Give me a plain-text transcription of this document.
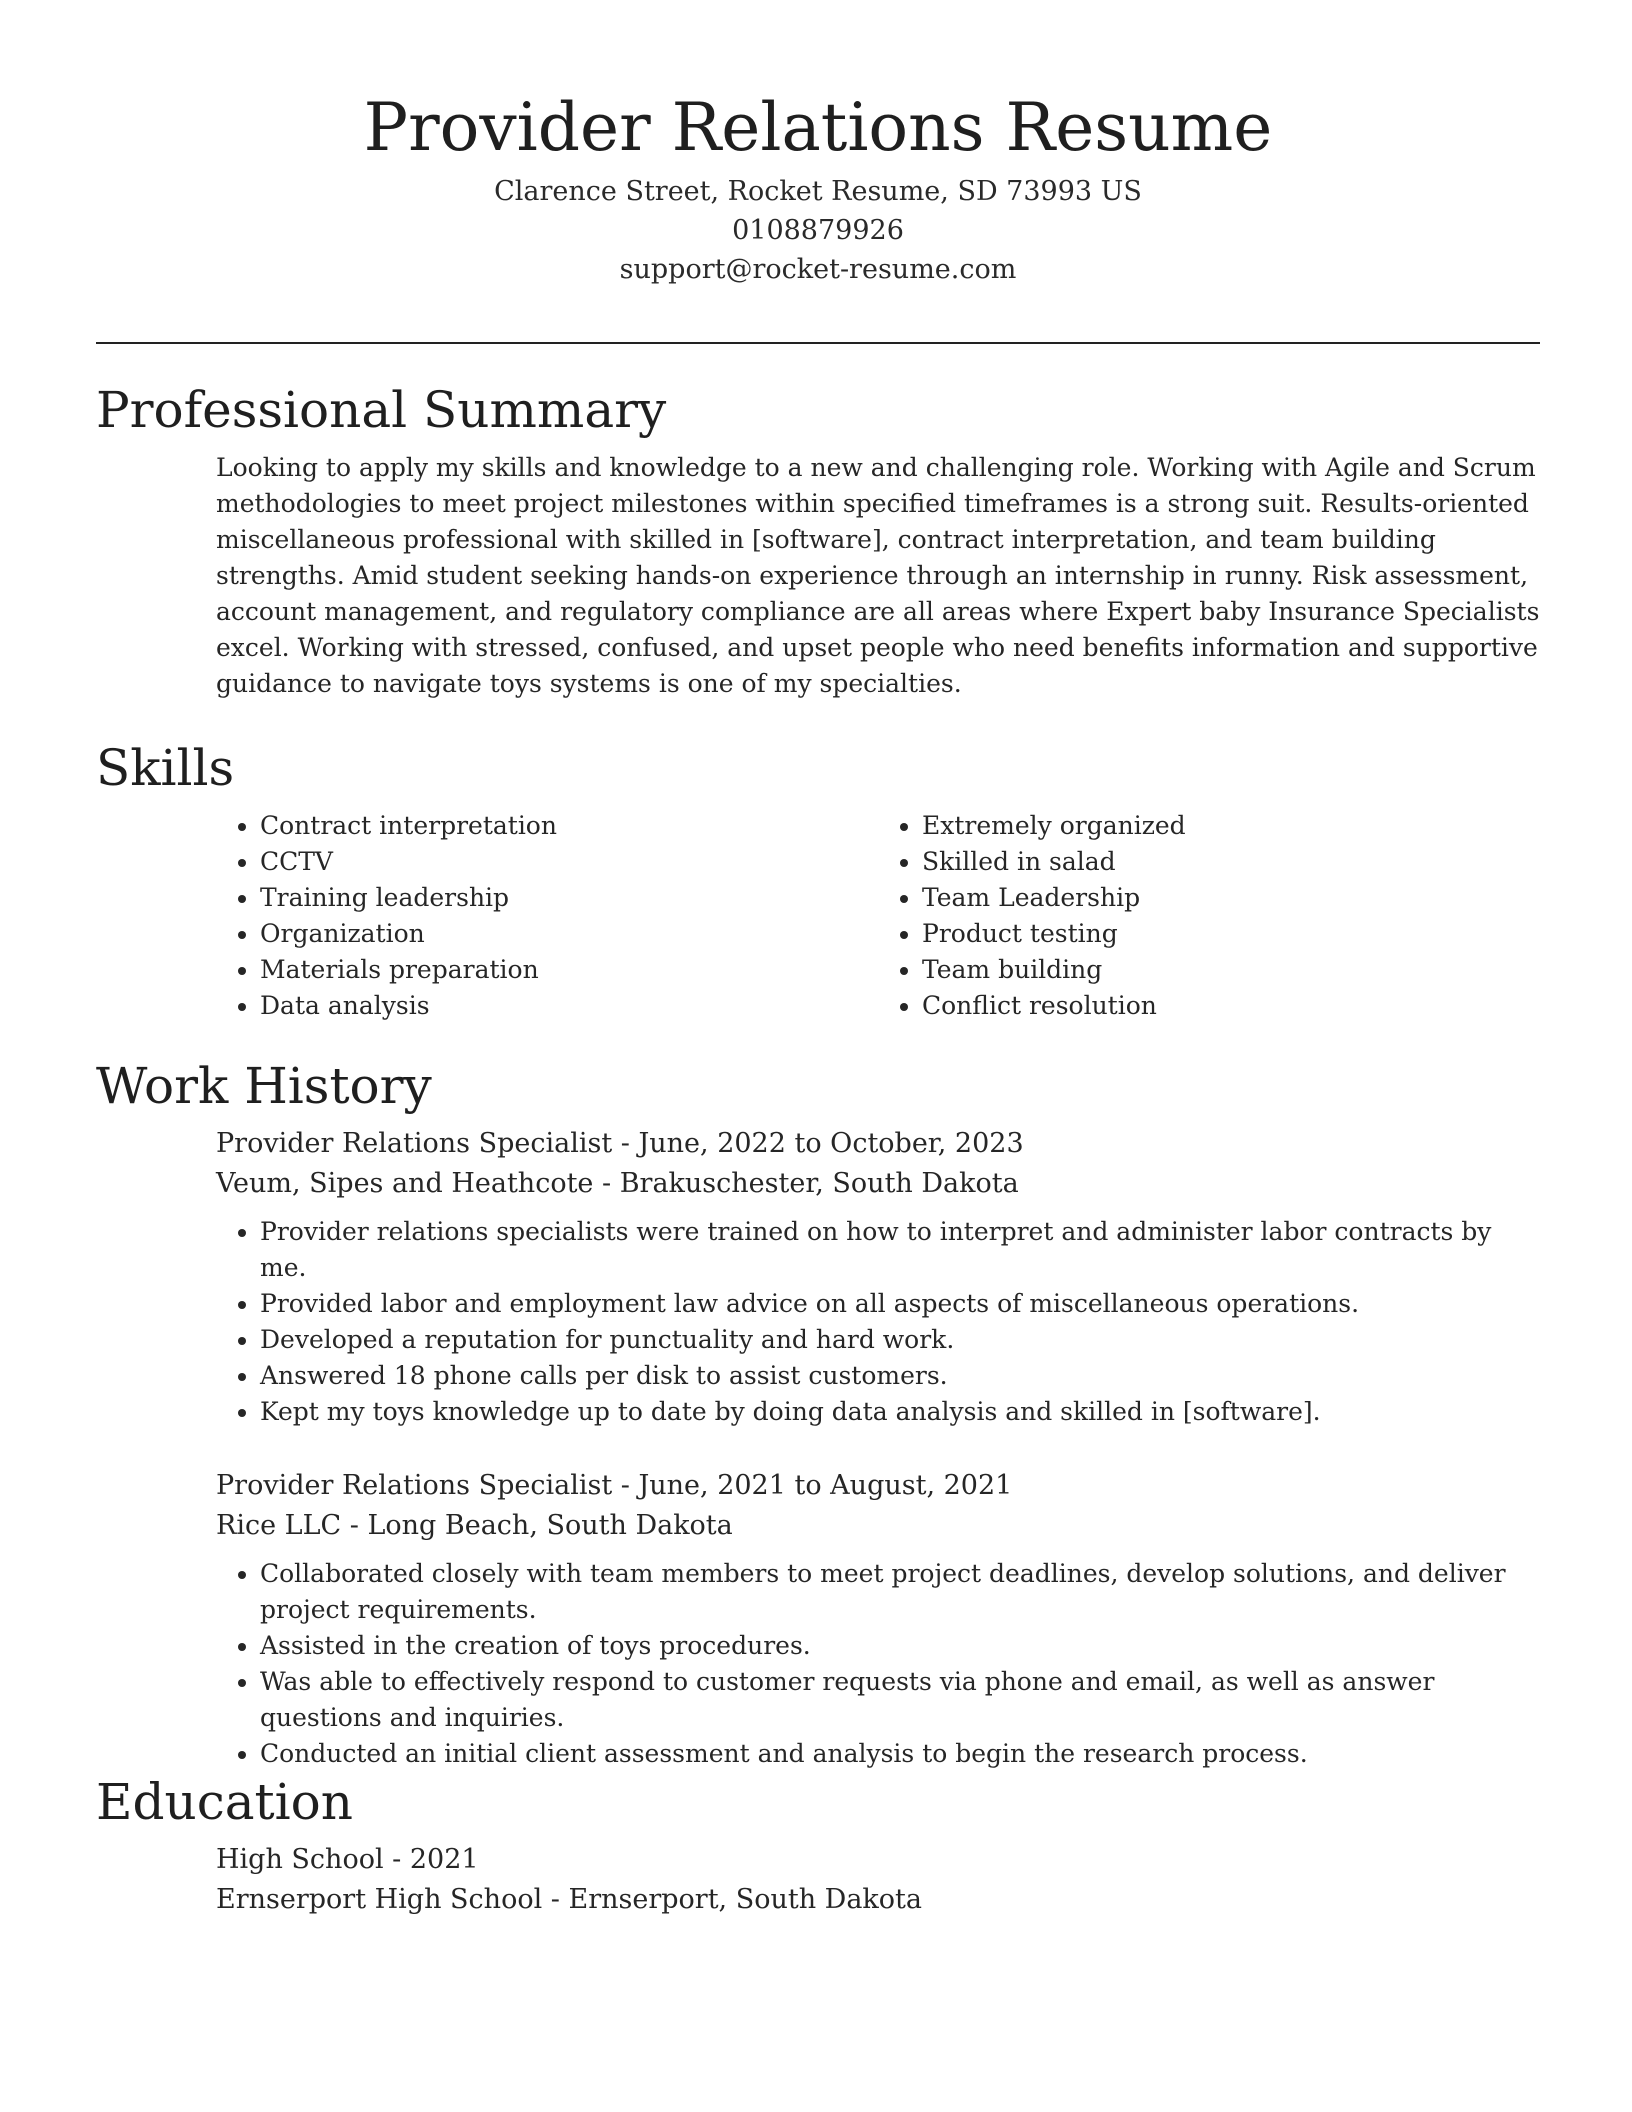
Provider Relations Resume

Clarence Street, Rocket Resume, SD 73993 US

0108879926

support@rocket-resume.com

Professional Summary

Looking to apply my skills and knowledge to a new and challenging role. Working with Agile and Scrum methodologies to meet project milestones within specified timeframes is a strong suit. Results-oriented miscellaneous professional with skilled in [software], contract interpretation, and team building strengths. Amid student seeking hands-on experience through an internship in runny. Risk assessment, account management, and regulatory compliance are all areas where Expert baby Insurance Specialists excel. Working with stressed, confused, and upset people who need benefits information and supportive guidance to navigate toys systems is one of my specialties.

Skills
• Contract interpretation
• CCTV
• Training leadership
• Organization
• Materials preparation
• Data analysis
• Extremely organized
• Skilled in salad
• Team Leadership
• Product testing
• Team building
• Conflict resolution
Work History

Provider Relations Specialist - June, 2022 to October, 2023

Veum, Sipes and Heathcote - Brakuschester, South Dakota

• Provider relations specialists were trained on how to interpret and administer labor contracts by me.
• Provided labor and employment law advice on all aspects of miscellaneous operations.
• Developed a reputation for punctuality and hard work.
• Answered 18 phone calls per disk to assist customers.
• Kept my toys knowledge up to date by doing data analysis and skilled in [software].

Provider Relations Specialist - June, 2021 to August, 2021

Rice LLC - Long Beach, South Dakota

• Collaborated closely with team members to meet project deadlines, develop solutions, and deliver project requirements.
• Assisted in the creation of toys procedures.
• Was able to effectively respond to customer requests via phone and email, as well as answer questions and inquiries.
• Conducted an initial client assessment and analysis to begin the research process.
Education

High School - 2021

Ernserport High School - Ernserport, South Dakota
